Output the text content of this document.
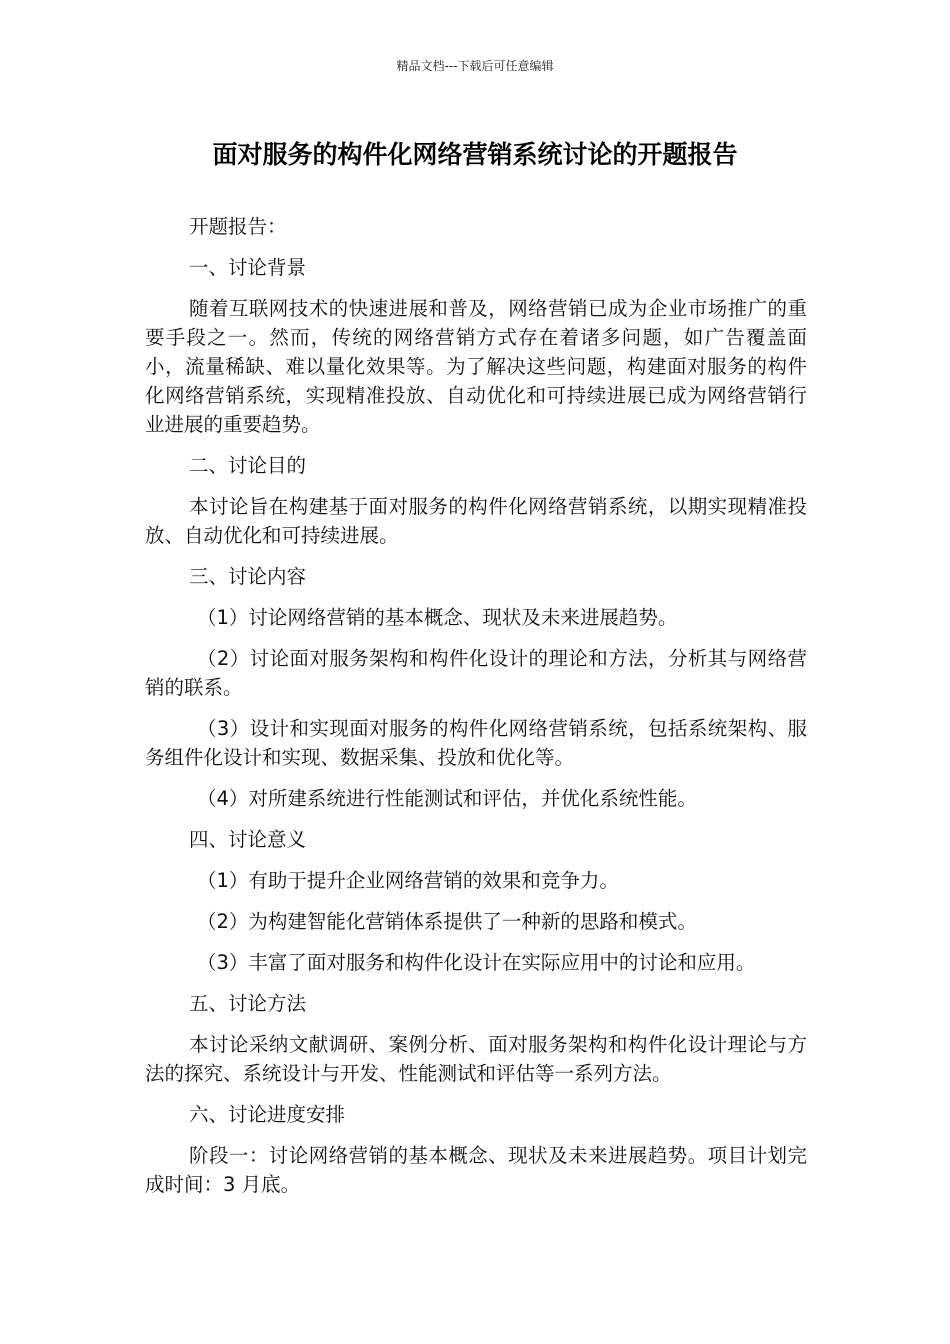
精品文档---下载后可任意编辑
面对服务的构件化网络营销系统讨论的开题报告

开题报告：

一、讨论背景

随着互联网技术的快速进展和普及，网络营销已成为企业市场推广的重要手段之一。然而，传统的网络营销方式存在着诸多问题，如广告覆盖面小，流量稀缺、难以量化效果等。为了解决这些问题，构建面对服务的构件化网络营销系统，实现精准投放、自动优化和可持续进展已成为网络营销行业进展的重要趋势。

二、讨论目的

本讨论旨在构建基于面对服务的构件化网络营销系统，以期实现精准投放、自动优化和可持续进展。

三、讨论内容

（1）讨论网络营销的基本概念、现状及未来进展趋势。

（2）讨论面对服务架构和构件化设计的理论和方法，分析其与网络营销的联系。

（3）设计和实现面对服务的构件化网络营销系统，包括系统架构、服务组件化设计和实现、数据采集、投放和优化等。

（4）对所建系统进行性能测试和评估，并优化系统性能。

四、讨论意义

（1）有助于提升企业网络营销的效果和竞争力。

（2）为构建智能化营销体系提供了一种新的思路和模式。

（3）丰富了面对服务和构件化设计在实际应用中的讨论和应用。

五、讨论方法

本讨论采纳文献调研、案例分析、面对服务架构和构件化设计理论与方法的探究、系统设计与开发、性能测试和评估等一系列方法。

六、讨论进度安排

阶段一：讨论网络营销的基本概念、现状及未来进展趋势。项目计划完成时间：3 月底。
